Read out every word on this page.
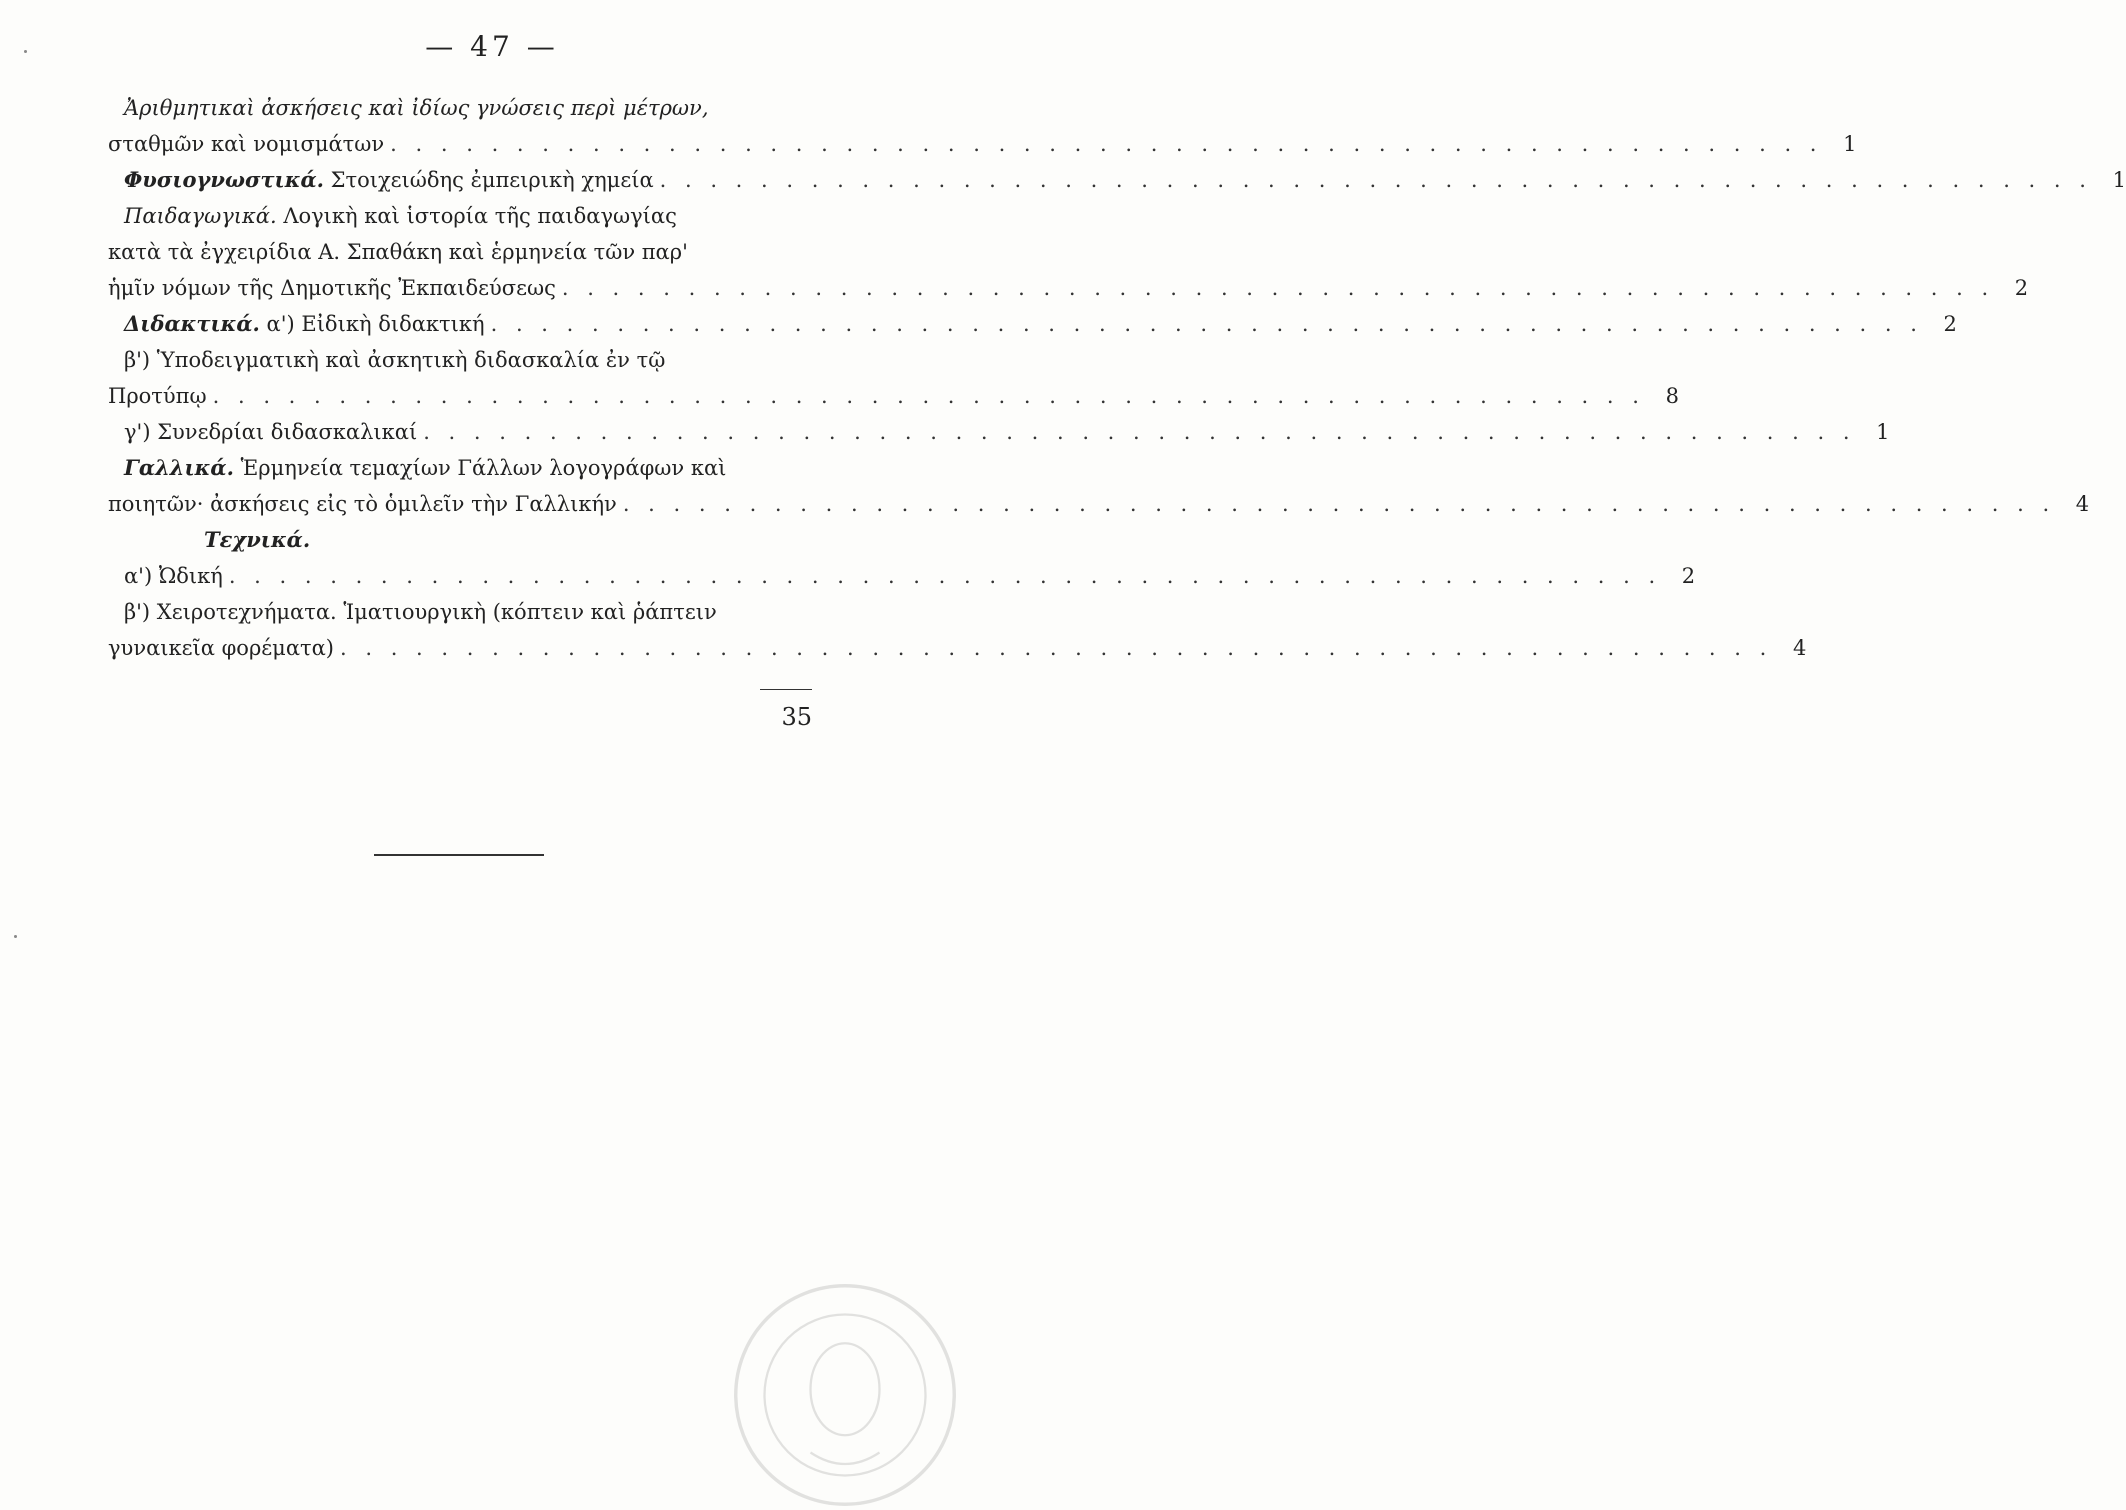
— 47 —
Ἀριθμητικαὶ ἀσκήσεις καὶ ἰδίως γνώσεις περὶ μέτρων,
σταθμῶν καὶ νομισμάτων . . . . . . . . . . . . . . . . . . . . . . . . . . . . . . . . . . . . . . . . . . . . . . . . . . . . . . . . . 1
Φυσιογνωστικά. Στοιχειώδης ἐμπειρικὴ χημεία . . . . . . . . . . . . . . . . . . . . . . . . . . . . . . . . . . . . . . . . . . . . . . . . . . . . . . . . . 1
Παιδαγωγικά. Λογικὴ καὶ ἱστορία τῆς παιδαγωγίας
κατὰ τὰ ἐγχειρίδια Α. Σπαθάκη καὶ ἑρμηνεία τῶν παρ'
ἡμῖν νόμων τῆς Δημοτικῆς Ἐκπαιδεύσεως . . . . . . . . . . . . . . . . . . . . . . . . . . . . . . . . . . . . . . . . . . . . . . . . . . . . . . . . . 2
Διδακτικά. α') Εἰδικὴ διδακτική . . . . . . . . . . . . . . . . . . . . . . . . . . . . . . . . . . . . . . . . . . . . . . . . . . . . . . . . . 2
β') Ὑποδειγματικὴ καὶ ἀσκητικὴ διδασκαλία ἐν τῷ
Προτύπῳ . . . . . . . . . . . . . . . . . . . . . . . . . . . . . . . . . . . . . . . . . . . . . . . . . . . . . . . . . 8
γ') Συνεδρίαι διδασκαλικαί . . . . . . . . . . . . . . . . . . . . . . . . . . . . . . . . . . . . . . . . . . . . . . . . . . . . . . . . . 1
Γαλλικά. Ἑρμηνεία τεμαχίων Γάλλων λογογράφων καὶ
ποιητῶν· ἀσκήσεις εἰς τὸ ὁμιλεῖν τὴν Γαλλικήν . . . . . . . . . . . . . . . . . . . . . . . . . . . . . . . . . . . . . . . . . . . . . . . . . . . . . . . . . 4
Τεχνικά.
α') Ὠδική . . . . . . . . . . . . . . . . . . . . . . . . . . . . . . . . . . . . . . . . . . . . . . . . . . . . . . . . . 2
β') Χειροτεχνήματα. Ἱματιουργικὴ (κόπτειν καὶ ῥάπτειν
γυναικεῖα φορέματα) . . . . . . . . . . . . . . . . . . . . . . . . . . . . . . . . . . . . . . . . . . . . . . . . . . . . . . . . . 4
35
